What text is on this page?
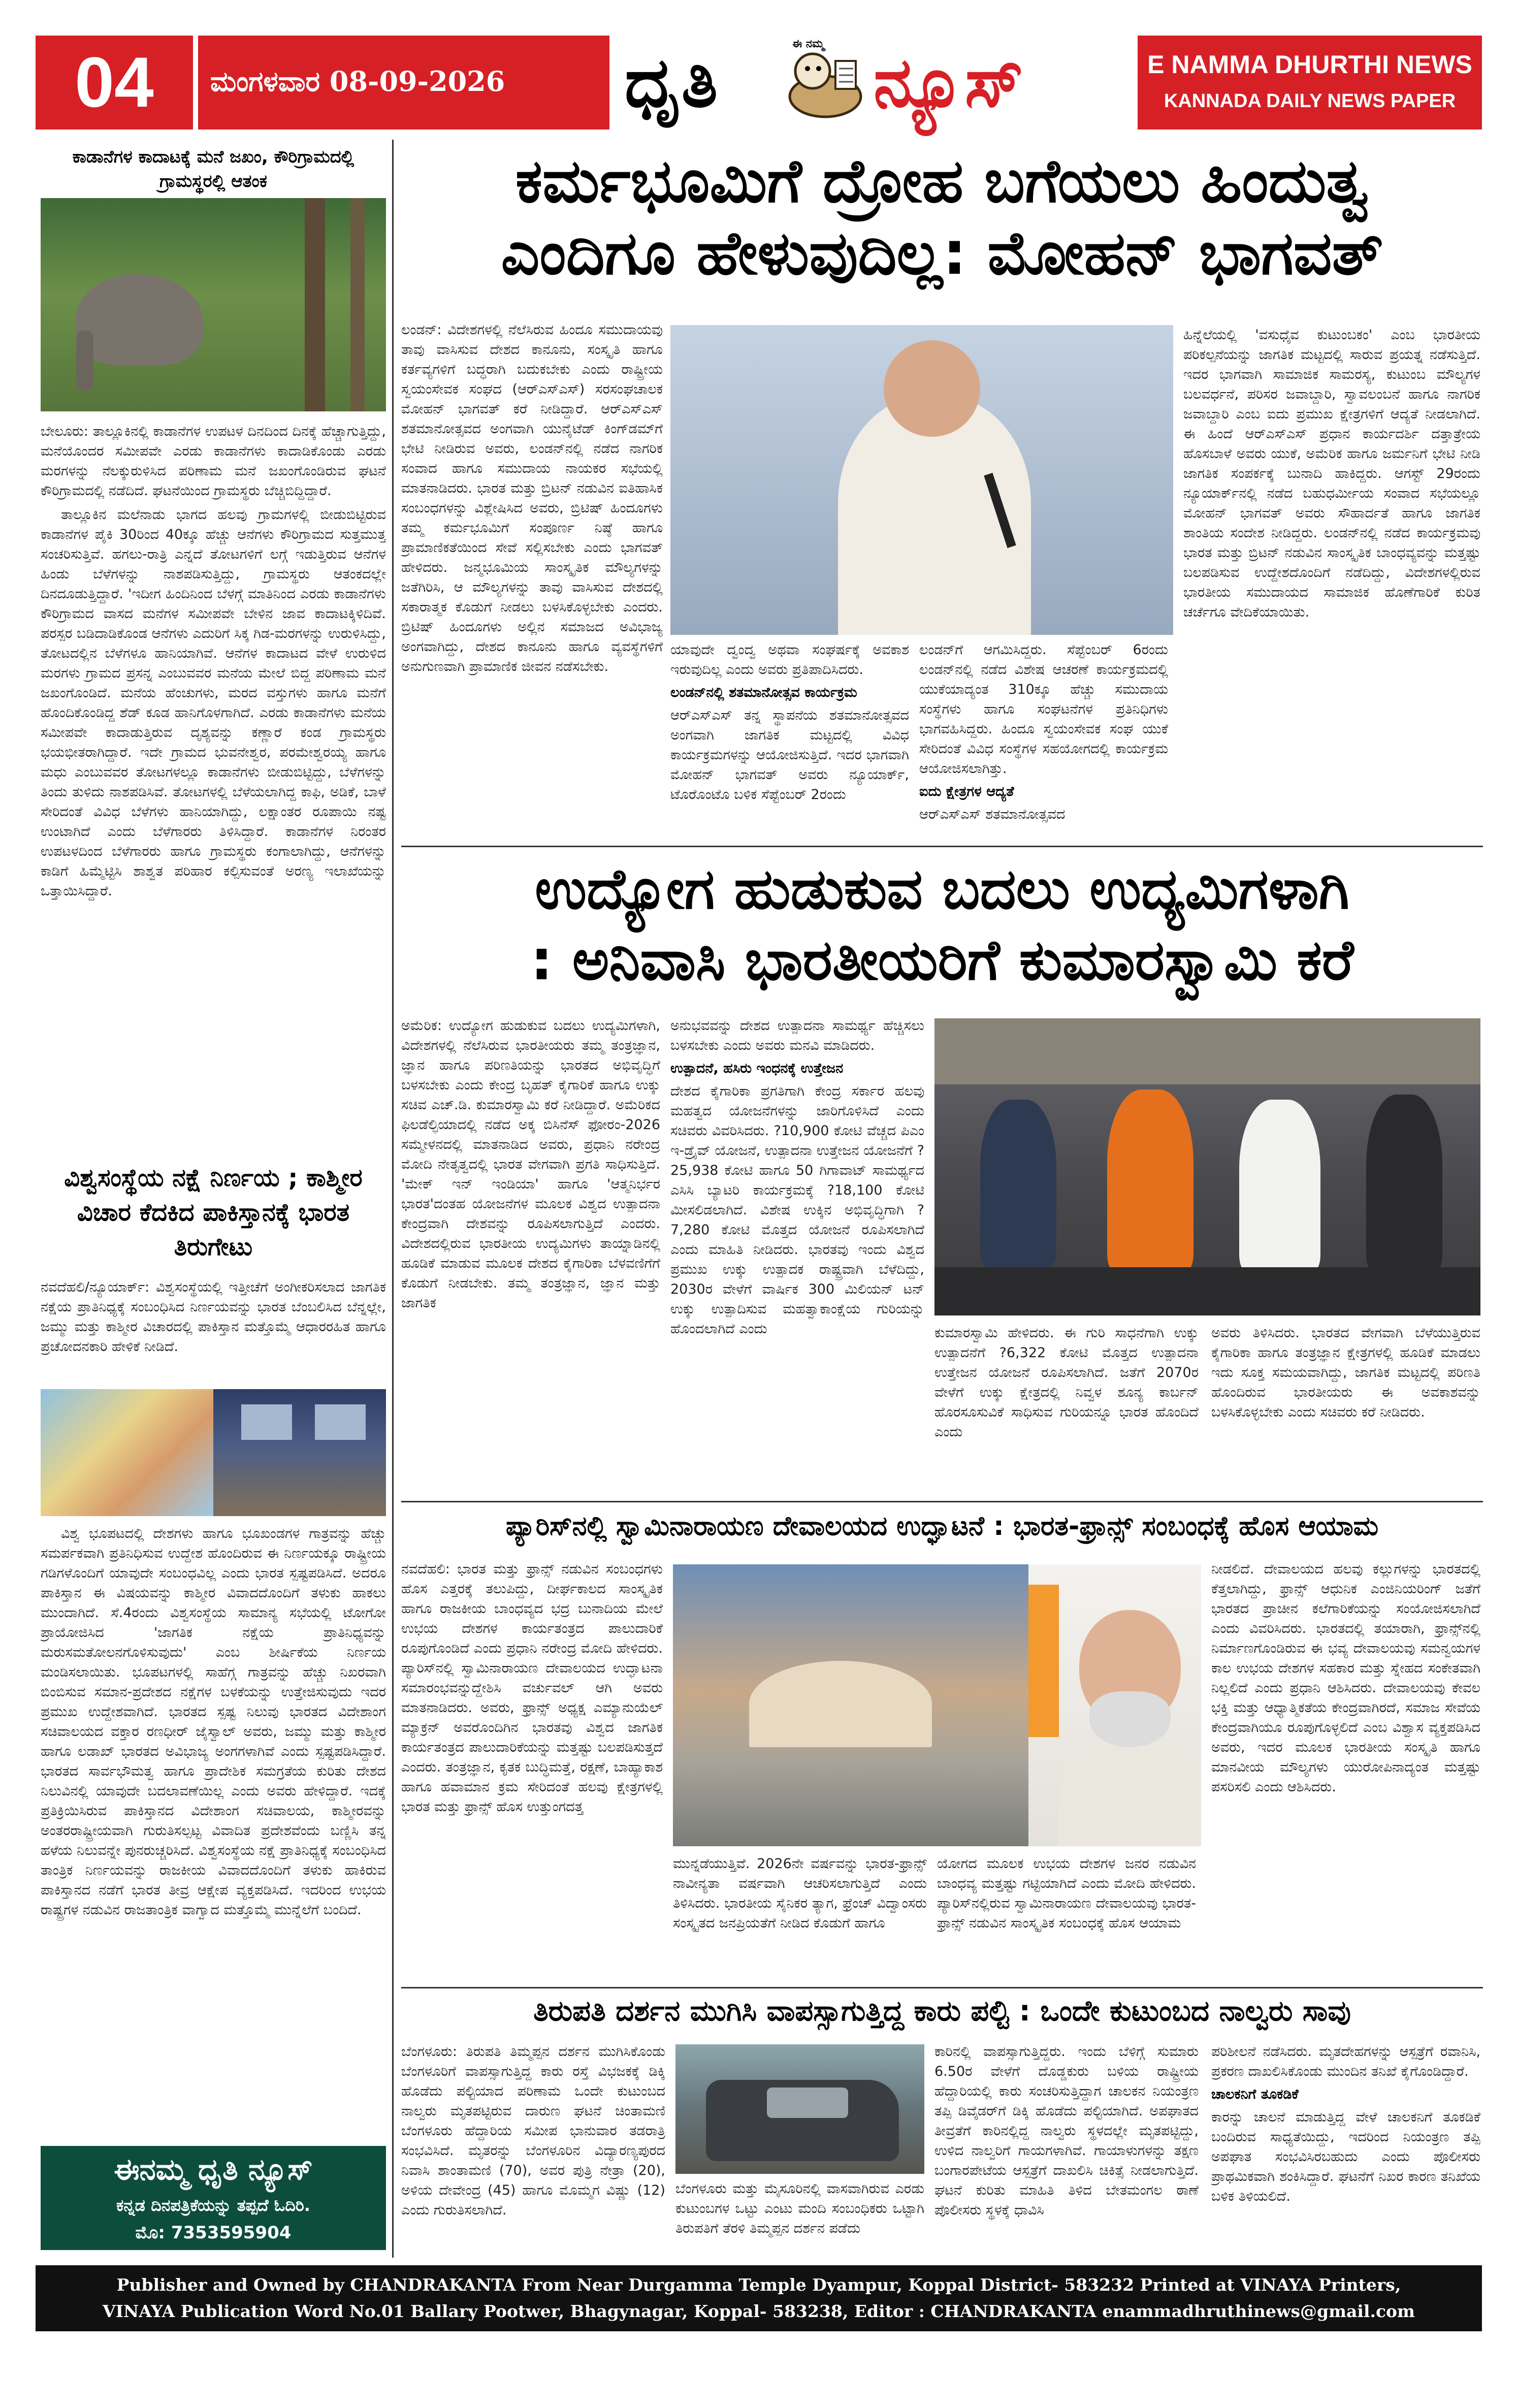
04	ಮಂಗಳವಾರ 08-09-2026	ಧೃತಿ	ಈ ನಮ್ಮ ನ್ಯೂಸ್	E NAMMA DHURTHI NEWS
KANNADA DAILY NEWS PAPER
ಕಾಡಾನೆಗಳ ಕಾದಾಟಕ್ಕೆ ಮನೆ ಜಖಂ, ಕೌರಿಗ್ರಾಮದಲ್ಲಿ ಗ್ರಾಮಸ್ಥರಲ್ಲಿ ಆತಂಕ

ಬೇಲೂರು: ತಾಲ್ಲೂಕಿನಲ್ಲಿ ಕಾಡಾನೆಗಳ ಉಪಟಳ ದಿನದಿಂದ ದಿನಕ್ಕೆ ಹೆಚ್ಚಾಗುತ್ತಿದ್ದು, ಮನೆಯೊಂದರ ಸಮೀಪವೇ ಎರಡು ಕಾಡಾನೆಗಳು ಕಾದಾಡಿಕೊಂಡು ಎರಡು ಮರಗಳನ್ನು ನೆಲಕ್ಕುರುಳಿಸಿದ ಪರಿಣಾಮ ಮನೆ ಜಖಂಗೊಂಡಿರುವ ಘಟನೆ ಕೌರಿಗ್ರಾಮದಲ್ಲಿ ನಡೆದಿದೆ. ಘಟನೆಯಿಂದ ಗ್ರಾಮಸ್ಥರು ಬೆಚ್ಚಿಬಿದ್ದಿದ್ದಾರೆ.

ತಾಲ್ಲೂಕಿನ ಮಲೆನಾಡು ಭಾಗದ ಹಲವು ಗ್ರಾಮಗಳಲ್ಲಿ ಬೀಡುಬಿಟ್ಟಿರುವ ಕಾಡಾನೆಗಳ ಪೈಕಿ 30ರಿಂದ 40ಕ್ಕೂ ಹೆಚ್ಚು ಆನೆಗಳು ಕೌರಿಗ್ರಾಮದ ಸುತ್ತಮುತ್ತ ಸಂಚರಿಸುತ್ತಿವೆ. ಹಗಲು-ರಾತ್ರಿ ಎನ್ನದೆ ತೋಟಗಳಿಗೆ ಲಗ್ಗೆ ಇಡುತ್ತಿರುವ ಆನೆಗಳ ಹಿಂಡು ಬೆಳೆಗಳನ್ನು ನಾಶಪಡಿಸುತ್ತಿದ್ದು, ಗ್ರಾಮಸ್ಥರು ಆತಂಕದಲ್ಲೇ ದಿನದೂಡುತ್ತಿದ್ದಾರೆ. 'ಇದೀಗ ಹಿಂದಿನಿಂದ ಬೆಳಗ್ಗೆ ಮಾತಿನಿಂದ ಎರಡು ಕಾಡಾನೆಗಳು ಕೌರಿಗ್ರಾಮದ ವಾಸದ ಮನೆಗಳ ಸಮೀಪವೇ ಬೇಳಿನ ಜಾವ ಕಾದಾಟಕ್ಕಿಳಿದಿವೆ. ಪರಸ್ಪರ ಬಡಿದಾಡಿಕೊಂಡ ಆನೆಗಳು ಎದುರಿಗೆ ಸಿಕ್ಕ ಗಿಡ-ಮರಗಳನ್ನು ಉರುಳಿಸಿದ್ದು, ತೋಟದಲ್ಲಿನ ಬೆಳೆಗಳೂ ಹಾನಿಯಾಗಿವೆ. ಆನೆಗಳ ಕಾದಾಟದ ವೇಳೆ ಉರುಳಿದ ಮರಗಳು ಗ್ರಾಮದ ಪ್ರಸನ್ನ ಎಂಬುವವರ ಮನೆಯ ಮೇಲೆ ಬಿದ್ದ ಪರಿಣಾಮ ಮನೆ ಜಖಂಗೊಂಡಿದೆ. ಮನೆಯ ಹೆಂಚುಗಳು, ಮರದ ವಸ್ತುಗಳು ಹಾಗೂ ಮನೆಗೆ ಹೊಂದಿಕೊಂಡಿದ್ದ ಶೆಡ್ ಕೂಡ ಹಾನಿಗೊಳಗಾಗಿದೆ. ಎರಡು ಕಾಡಾನೆಗಳು ಮನೆಯ ಸಮೀಪವೇ ಕಾದಾಡುತ್ತಿರುವ ದೃಶ್ಯವನ್ನು ಕಣ್ಣಾರೆ ಕಂಡ ಗ್ರಾಮಸ್ಥರು ಭಯಭೀತರಾಗಿದ್ದಾರೆ. ಇದೇ ಗ್ರಾಮದ ಭುವನೇಶ್ವರ, ಪರಮೇಶ್ವರಯ್ಯ ಹಾಗೂ ಮಧು ಎಂಬುವವರ ತೋಟಗಳಲ್ಲೂ ಕಾಡಾನೆಗಳು ಬೀಡುಬಿಟ್ಟಿದ್ದು, ಬೆಳೆಗಳನ್ನು ತಿಂದು ತುಳಿದು ನಾಶಪಡಿಸಿವೆ. ತೋಟಗಳಲ್ಲಿ ಬೆಳೆಯಲಾಗಿದ್ದ ಕಾಫಿ, ಅಡಿಕೆ, ಬಾಳೆ ಸೇರಿದಂತೆ ವಿವಿಧ ಬೆಳೆಗಳು ಹಾನಿಯಾಗಿದ್ದು, ಲಕ್ಷಾಂತರ ರೂಪಾಯಿ ನಷ್ಟ ಉಂಟಾಗಿದೆ ಎಂದು ಬೆಳೆಗಾರರು ತಿಳಿಸಿದ್ದಾರೆ. ಕಾಡಾನೆಗಳ ನಿರಂತರ ಉಪಟಳದಿಂದ ಬೆಳೆಗಾರರು ಹಾಗೂ ಗ್ರಾಮಸ್ಥರು ಕಂಗಾಲಾಗಿದ್ದು, ಆನೆಗಳನ್ನು ಕಾಡಿಗೆ ಹಿಮ್ಮೆಟ್ಟಿಸಿ ಶಾಶ್ವತ ಪರಿಹಾರ ಕಲ್ಪಿಸುವಂತೆ ಅರಣ್ಯ ಇಲಾಖೆಯನ್ನು ಒತ್ತಾಯಿಸಿದ್ದಾರೆ.

ವಿಶ್ವಸಂಸ್ಥೆಯ ನಕ್ಷೆ ನಿರ್ಣಯ ; ಕಾಶ್ಮೀರ ವಿಚಾರ ಕೆದಕಿದ ಪಾಕಿಸ್ತಾನಕ್ಕೆ ಭಾರತ ತಿರುಗೇಟು
ನವದೆಹಲಿ/ನ್ಯೂಯಾರ್ಕ್: ವಿಶ್ವಸಂಸ್ಥೆಯಲ್ಲಿ ಇತ್ತೀಚೆಗೆ ಅಂಗೀಕರಿಸಲಾದ ಜಾಗತಿಕ ನಕ್ಷೆಯ ಪ್ರಾತಿನಿಧ್ಯಕ್ಕೆ ಸಂಬಂಧಿಸಿದ ನಿರ್ಣಯವನ್ನು ಭಾರತ ಬೆಂಬಲಿಸಿದ ಬೆನ್ನಲ್ಲೇ, ಜಮ್ಮು ಮತ್ತು ಕಾಶ್ಮೀರ ವಿಚಾರದಲ್ಲಿ ಪಾಕಿಸ್ತಾನ ಮತ್ತೊಮ್ಮೆ ಆಧಾರರಹಿತ ಹಾಗೂ ಪ್ರಚೋದನಕಾರಿ ಹೇಳಿಕೆ ನೀಡಿದೆ.
ವಿಶ್ವ ಭೂಪಟದಲ್ಲಿ ದೇಶಗಳು ಹಾಗೂ ಭೂಖಂಡಗಳ ಗಾತ್ರವನ್ನು ಹೆಚ್ಚು ಸಮರ್ಪಕವಾಗಿ ಪ್ರತಿನಿಧಿಸುವ ಉದ್ದೇಶ ಹೊಂದಿರುವ ಈ ನಿರ್ಣಯಕ್ಕೂ ರಾಷ್ಟ್ರೀಯ ಗಡಿಗಳೊಂದಿಗೆ ಯಾವುದೇ ಸಂಬಂಧವಿಲ್ಲ ಎಂದು ಭಾರತ ಸ್ಪಷ್ಟಪಡಿಸಿದೆ. ಅದರೂ ಪಾಕಿಸ್ತಾನ ಈ ವಿಷಯವನ್ನು ಕಾಶ್ಮೀರ ವಿವಾದದೊಂದಿಗೆ ತಳುಕು ಹಾಕಲು ಮುಂದಾಗಿದೆ. ಸೆ.4ರಂದು ವಿಶ್ವಸಂಸ್ಥೆಯ ಸಾಮಾನ್ಯ ಸಭೆಯಲ್ಲಿ ಟೋಗೋ ಪ್ರಾಯೋಜಿಸಿದ 'ಜಾಗತಿಕ ನಕ್ಷೆಯ ಪ್ರಾತಿನಿಧ್ಯವನ್ನು ಮರುಸಮತೋಲನಗೊಳಿಸುವುದು' ಎಂಬ ಶೀರ್ಷಿಕೆಯ ನಿರ್ಣಯ ಮಂಡಿಸಲಾಯಿತು. ಭೂಪಟಗಳಲ್ಲಿ ಸಾಹೆಗ್ಗ ಗಾತ್ರವನ್ನು ಹೆಚ್ಚು ನಿಖರವಾಗಿ ಬಿಂಬಿಸುವ ಸಮಾನ-ಪ್ರದೇಶದ ನಕ್ಷೆಗಳ ಬಳಕೆಯನ್ನು ಉತ್ತೇಜಿಸುವುದು ಇದರ ಪ್ರಮುಖ ಉದ್ದೇಶವಾಗಿದೆ. ಭಾರತದ ಸ್ಪಷ್ಟ ನಿಲುವು ಭಾರತದ ವಿದೇಶಾಂಗ ಸಚಿವಾಲಯದ ವಕ್ತಾರ ರಣಧೀರ್ ಜೈಸ್ವಾಲ್ ಅವರು, ಜಮ್ಮು ಮತ್ತು ಕಾಶ್ಮೀರ ಹಾಗೂ ಲಡಾಖ್ ಭಾರತದ ಅವಿಭಾಜ್ಯ ಅಂಗಗಳಾಗಿವೆ ಎಂದು ಸ್ಪಷ್ಟಪಡಿಸಿದ್ದಾರೆ. ಭಾರತದ ಸಾರ್ವಭೌಮತ್ವ ಹಾಗೂ ಪ್ರಾದೇಶಿಕ ಸಮಗ್ರತೆಯ ಕುರಿತು ದೇಶದ ನಿಲುವಿನಲ್ಲಿ ಯಾವುದೇ ಬದಲಾವಣೆಯಿಲ್ಲ ಎಂದು ಅವರು ಹೇಳಿದ್ದಾರೆ. ಇದಕ್ಕೆ ಪ್ರತಿಕ್ರಿಯಿಸಿರುವ ಪಾಕಿಸ್ತಾನದ ವಿದೇಶಾಂಗ ಸಚಿವಾಲಯ, ಕಾಶ್ಮೀರವನ್ನು ಅಂತರರಾಷ್ಟ್ರೀಯವಾಗಿ ಗುರುತಿಸಲ್ಪಟ್ಟ ವಿವಾದಿತ ಪ್ರದೇಶವೆಂದು ಬಣ್ಣಿಸಿ ತನ್ನ ಹಳೆಯ ನಿಲುವನ್ನೇ ಪುನರುಚ್ಚರಿಸಿದೆ. ವಿಶ್ವಸಂಸ್ಥೆಯ ನಕ್ಷೆ ಪ್ರಾತಿನಿಧ್ಯಕ್ಕೆ ಸಂಬಂಧಿಸಿದ ತಾಂತ್ರಿಕ ನಿರ್ಣಯವನ್ನು ರಾಜಕೀಯ ವಿವಾದದೊಂದಿಗೆ ತಳುಕು ಹಾಕಿರುವ ಪಾಕಿಸ್ತಾನದ ನಡೆಗೆ ಭಾರತ ತೀವ್ರ ಆಕ್ಷೇಪ ವ್ಯಕ್ತಪಡಿಸಿದೆ. ಇದರಿಂದ ಉಭಯ ರಾಷ್ಟ್ರಗಳ ನಡುವಿನ ರಾಜತಾಂತ್ರಿಕ ವಾಗ್ವಾದ ಮತ್ತೊಮ್ಮೆ ಮುನ್ನೆಲೆಗೆ ಬಂದಿದೆ.
ಈನಮ್ಮ ಧೃತಿ ನ್ಯೂಸ್
ಕನ್ನಡ ದಿನಪತ್ರಿಕೆಯನ್ನು ತಪ್ಪದೆ ಓದಿರಿ.
ಮೊ: 7353595904
ಕರ್ಮಭೂಮಿಗೆ ದ್ರೋಹ ಬಗೆಯಲು ಹಿಂದುತ್ವ
ಎಂದಿಗೂ ಹೇಳುವುದಿಲ್ಲ: ಮೋಹನ್ ಭಾಗವತ್
ಲಂಡನ್: ವಿದೇಶಗಳಲ್ಲಿ ನೆಲೆಸಿರುವ ಹಿಂದೂ ಸಮುದಾಯವು ತಾವು ವಾಸಿಸುವ ದೇಶದ ಕಾನೂನು, ಸಂಸ್ಕೃತಿ ಹಾಗೂ ಕರ್ತವ್ಯಗಳಿಗೆ ಬದ್ಧರಾಗಿ ಬದುಕಬೇಕು ಎಂದು ರಾಷ್ಟ್ರೀಯ ಸ್ವಯಂಸೇವಕ ಸಂಘದ (ಆರ್‌ಎಸ್‌ಎಸ್) ಸರಸಂಘಚಾಲಕ ಮೋಹನ್ ಭಾಗವತ್ ಕರೆ ನೀಡಿದ್ದಾರೆ. ಆರ್‌ಎಸ್‌ಎಸ್ ಶತಮಾನೋತ್ಸವದ ಅಂಗವಾಗಿ ಯುನೈಟೆಡ್ ಕಿಂಗ್‌ಡಮ್‌ಗೆ ಭೇಟಿ ನೀಡಿರುವ ಅವರು, ಲಂಡನ್‌ನಲ್ಲಿ ನಡೆದ ನಾಗರಿಕ ಸಂವಾದ ಹಾಗೂ ಸಮುದಾಯ ನಾಯಕರ ಸಭೆಯಲ್ಲಿ ಮಾತನಾಡಿದರು. ಭಾರತ ಮತ್ತು ಬ್ರಿಟನ್ ನಡುವಿನ ಐತಿಹಾಸಿಕ ಸಂಬಂಧಗಳನ್ನು ವಿಶ್ಲೇಷಿಸಿದ ಅವರು, ಬ್ರಿಟಿಷ್ ಹಿಂದೂಗಳು ತಮ್ಮ ಕರ್ಮಭೂಮಿಗೆ ಸಂಪೂರ್ಣ ನಿಷ್ಠೆ ಹಾಗೂ ಪ್ರಾಮಾಣಿಕತೆಯಿಂದ ಸೇವೆ ಸಲ್ಲಿಸಬೇಕು ಎಂದು ಭಾಗವತ್ ಹೇಳಿದರು. ಜನ್ಮಭೂಮಿಯ ಸಾಂಸ್ಕೃತಿಕ ಮೌಲ್ಯಗಳನ್ನು ಜತೆಗಿರಿಸಿ, ಆ ಮೌಲ್ಯಗಳನ್ನು ತಾವು ವಾಸಿಸುವ ದೇಶದಲ್ಲಿ ಸಕಾರಾತ್ಮಕ ಕೊಡುಗೆ ನೀಡಲು ಬಳಸಿಕೊಳ್ಳಬೇಕು ಎಂದರು. ಬ್ರಿಟಿಷ್ ಹಿಂದೂಗಳು ಅಲ್ಲಿನ ಸಮಾಜದ ಅವಿಭಾಜ್ಯ ಅಂಗವಾಗಿದ್ದು, ದೇಶದ ಕಾನೂನು ಹಾಗೂ ವ್ಯವಸ್ಥೆಗಳಿಗೆ ಅನುಗುಣವಾಗಿ ಪ್ರಾಮಾಣಿಕ ಜೀವನ ನಡೆಸಬೇಕು.
ಯಾವುದೇ ದ್ವಂದ್ವ ಅಥವಾ ಸಂಘರ್ಷಕ್ಕೆ ಅವಕಾಶ ಇರುವುದಿಲ್ಲ ಎಂದು ಅವರು ಪ್ರತಿಪಾದಿಸಿದರು.
ಲಂಡನ್‌ನಲ್ಲಿ ಶತಮಾನೋತ್ಸವ ಕಾರ್ಯಕ್ರಮ
ಆರ್‌ಎಸ್‌ಎಸ್ ತನ್ನ ಸ್ಥಾಪನೆಯ ಶತಮಾನೋತ್ಸವದ ಅಂಗವಾಗಿ ಜಾಗತಿಕ ಮಟ್ಟದಲ್ಲಿ ವಿವಿಧ ಕಾರ್ಯಕ್ರಮಗಳನ್ನು ಆಯೋಜಿಸುತ್ತಿದೆ. ಇದರ ಭಾಗವಾಗಿ ಮೋಹನ್ ಭಾಗವತ್ ಅವರು ನ್ಯೂಯಾರ್ಕ್, ಟೊರೊಂಟೊ ಬಳಿಕ ಸೆಪ್ಟೆಂಬರ್ 2ರಂದು
ಲಂಡನ್‌ಗೆ ಆಗಮಿಸಿದ್ದರು. ಸೆಪ್ಟೆಂಬರ್ 6ರಂದು ಲಂಡನ್‌ನಲ್ಲಿ ನಡೆದ ವಿಶೇಷ ಆಚರಣೆ ಕಾರ್ಯಕ್ರಮದಲ್ಲಿ ಯುಕೆಯಾದ್ಯಂತ 310ಕ್ಕೂ ಹೆಚ್ಚು ಸಮುದಾಯ ಸಂಸ್ಥೆಗಳು ಹಾಗೂ ಸಂಘಟನೆಗಳ ಪ್ರತಿನಿಧಿಗಳು ಭಾಗವಹಿಸಿದ್ದರು. ಹಿಂದೂ ಸ್ವಯಂಸೇವಕ ಸಂಘ ಯುಕೆ ಸೇರಿದಂತೆ ವಿವಿಧ ಸಂಸ್ಥೆಗಳ ಸಹಯೋಗದಲ್ಲಿ ಕಾರ್ಯಕ್ರಮ ಆಯೋಜಿಸಲಾಗಿತ್ತು.
ಐದು ಕ್ಷೇತ್ರಗಳ ಆದ್ಯತೆ
ಆರ್‌ಎಸ್‌ಎಸ್ ಶತಮಾನೋತ್ಸವದ
ಹಿನ್ನೆಲೆಯಲ್ಲಿ 'ವಸುಧೈವ ಕುಟುಂಬಕಂ' ಎಂಬ ಭಾರತೀಯ ಪರಿಕಲ್ಪನೆಯನ್ನು ಜಾಗತಿಕ ಮಟ್ಟದಲ್ಲಿ ಸಾರುವ ಪ್ರಯತ್ನ ನಡೆಸುತ್ತಿದೆ. ಇದರ ಭಾಗವಾಗಿ ಸಾಮಾಜಿಕ ಸಾಮರಸ್ಯ, ಕುಟುಂಬ ಮೌಲ್ಯಗಳ ಬಲವರ್ಧನೆ, ಪರಿಸರ ಜವಾಬ್ದಾರಿ, ಸ್ವಾವಲಂಬನೆ ಹಾಗೂ ನಾಗರಿಕ ಜವಾಬ್ದಾರಿ ಎಂಬ ಐದು ಪ್ರಮುಖ ಕ್ಷೇತ್ರಗಳಿಗೆ ಆದ್ಯತೆ ನೀಡಲಾಗಿದೆ. ಈ ಹಿಂದೆ ಆರ್‌ಎಸ್‌ಎಸ್ ಪ್ರಧಾನ ಕಾರ್ಯದರ್ಶಿ ದತ್ತಾತ್ರೇಯ ಹೊಸಬಾಳೆ ಅವರು ಯುಕೆ, ಅಮೆರಿಕ ಹಾಗೂ ಜರ್ಮನಿಗೆ ಭೇಟಿ ನೀಡಿ ಜಾಗತಿಕ ಸಂಪರ್ಕಕ್ಕೆ ಬುನಾದಿ ಹಾಕಿದ್ದರು. ಆಗಸ್ಟ್ 29ರಂದು ನ್ಯೂಯಾರ್ಕ್‌ನಲ್ಲಿ ನಡೆದ ಬಹುಧರ್ಮೀಯ ಸಂವಾದ ಸಭೆಯಲ್ಲೂ ಮೋಹನ್ ಭಾಗವತ್ ಅವರು ಸೌಹಾರ್ದತೆ ಹಾಗೂ ಜಾಗತಿಕ ಶಾಂತಿಯ ಸಂದೇಶ ನೀಡಿದ್ದರು. ಲಂಡನ್‌ನಲ್ಲಿ ನಡೆದ ಕಾರ್ಯಕ್ರಮವು ಭಾರತ ಮತ್ತು ಬ್ರಿಟನ್ ನಡುವಿನ ಸಾಂಸ್ಕೃತಿಕ ಬಾಂಧವ್ಯವನ್ನು ಮತ್ತಷ್ಟು ಬಲಪಡಿಸುವ ಉದ್ದೇಶದೊಂದಿಗೆ ನಡೆದಿದ್ದು, ವಿದೇಶಗಳಲ್ಲಿರುವ ಭಾರತೀಯ ಸಮುದಾಯದ ಸಾಮಾಜಿಕ ಹೊಣೆಗಾರಿಕೆ ಕುರಿತ ಚರ್ಚೆಗೂ ವೇದಿಕೆಯಾಯಿತು.
ಉದ್ಯೋಗ ಹುಡುಕುವ ಬದಲು ಉದ್ಯಮಿಗಳಾಗಿ
: ಅನಿವಾಸಿ ಭಾರತೀಯರಿಗೆ ಕುಮಾರಸ್ವಾಮಿ ಕರೆ
ಅಮೆರಿಕ: ಉದ್ಯೋಗ ಹುಡುಕುವ ಬದಲು ಉದ್ಯಮಿಗಳಾಗಿ, ವಿದೇಶಗಳಲ್ಲಿ ನೆಲೆಸಿರುವ ಭಾರತೀಯರು ತಮ್ಮ ತಂತ್ರಜ್ಞಾನ, ಜ್ಞಾನ ಹಾಗೂ ಪರಿಣತಿಯನ್ನು ಭಾರತದ ಅಭಿವೃದ್ಧಿಗೆ ಬಳಸಬೇಕು ಎಂದು ಕೇಂದ್ರ ಬೃಹತ್ ಕೈಗಾರಿಕೆ ಹಾಗೂ ಉಕ್ಕು ಸಚಿವ ಎಚ್.ಡಿ. ಕುಮಾರಸ್ವಾಮಿ ಕರೆ ನೀಡಿದ್ದಾರೆ. ಅಮೆರಿಕದ ಫಿಲಡೆಲ್ಫಿಯಾದಲ್ಲಿ ನಡೆದ ಅಕ್ಕ ಬಿಸಿನೆಸ್ ಫೋರಂ-2026 ಸಮ್ಮೇಳನದಲ್ಲಿ ಮಾತನಾಡಿದ ಅವರು, ಪ್ರಧಾನಿ ನರೇಂದ್ರ ಮೋದಿ ನೇತೃತ್ವದಲ್ಲಿ ಭಾರತ ವೇಗವಾಗಿ ಪ್ರಗತಿ ಸಾಧಿಸುತ್ತಿದೆ. 'ಮೇಕ್ ಇನ್ ಇಂಡಿಯಾ' ಹಾಗೂ 'ಆತ್ಮನಿರ್ಭರ ಭಾರತ'ದಂತಹ ಯೋಜನೆಗಳ ಮೂಲಕ ವಿಶ್ವದ ಉತ್ಪಾದನಾ ಕೇಂದ್ರವಾಗಿ ದೇಶವನ್ನು ರೂಪಿಸಲಾಗುತ್ತಿದೆ ಎಂದರು. ವಿದೇಶದಲ್ಲಿರುವ ಭಾರತೀಯ ಉದ್ಯಮಿಗಳು ತಾಯ್ನಾಡಿನಲ್ಲಿ ಹೂಡಿಕೆ ಮಾಡುವ ಮೂಲಕ ದೇಶದ ಕೈಗಾರಿಕಾ ಬೆಳವಣಿಗೆಗೆ ಕೊಡುಗೆ ನೀಡಬೇಕು. ತಮ್ಮ ತಂತ್ರಜ್ಞಾನ, ಜ್ಞಾನ ಮತ್ತು ಜಾಗತಿಕ
ಅನುಭವವನ್ನು ದೇಶದ ಉತ್ಪಾದನಾ ಸಾಮರ್ಥ್ಯ ಹೆಚ್ಚಿಸಲು ಬಳಸಬೇಕು ಎಂದು ಅವರು ಮನವಿ ಮಾಡಿದರು.
ಉತ್ಪಾದನೆ, ಹಸಿರು ಇಂಧನಕ್ಕೆ ಉತ್ತೇಜನ
ದೇಶದ ಕೈಗಾರಿಕಾ ಪ್ರಗತಿಗಾಗಿ ಕೇಂದ್ರ ಸರ್ಕಾರ ಹಲವು ಮಹತ್ವದ ಯೋಜನೆಗಳನ್ನು ಜಾರಿಗೊಳಿಸಿದೆ ಎಂದು ಸಚಿವರು ವಿವರಿಸಿದರು. ?10,900 ಕೋಟಿ ವೆಚ್ಚದ ಪಿಎಂ ಇ-ಡ್ರೈವ್ ಯೋಜನೆ, ಉತ್ಪಾದನಾ ಉತ್ತೇಜನ ಯೋಜನೆಗೆ ?25,938 ಕೋಟಿ ಹಾಗೂ 50 ಗಿಗಾವಾಟ್ ಸಾಮರ್ಥ್ಯದ ಎಸಿಸಿ ಬ್ಯಾಟರಿ ಕಾರ್ಯಕ್ರಮಕ್ಕೆ ?18,100 ಕೋಟಿ ಮೀಸಲಿಡಲಾಗಿದೆ. ವಿಶೇಷ ಉಕ್ಕಿನ ಅಭಿವೃದ್ಧಿಗಾಗಿ ?7,280 ಕೋಟಿ ಮೊತ್ತದ ಯೋಜನೆ ರೂಪಿಸಲಾಗಿದೆ ಎಂದು ಮಾಹಿತಿ ನೀಡಿದರು. ಭಾರತವು ಇಂದು ವಿಶ್ವದ ಪ್ರಮುಖ ಉಕ್ಕು ಉತ್ಪಾದಕ ರಾಷ್ಟ್ರವಾಗಿ ಬೆಳೆದಿದ್ದು, 2030ರ ವೇಳೆಗೆ ವಾರ್ಷಿಕ 300 ಮಿಲಿಯನ್ ಟನ್ ಉಕ್ಕು ಉತ್ಪಾದಿಸುವ ಮಹತ್ವಾಕಾಂಕ್ಷೆಯ ಗುರಿಯನ್ನು ಹೊಂದಲಾಗಿದೆ ಎಂದು	ಕುಮಾರಸ್ವಾಮಿ ಹೇಳಿದರು. ಈ ಗುರಿ ಸಾಧನೆಗಾಗಿ ಉಕ್ಕು ಉತ್ಪಾದನೆಗೆ ?6,322 ಕೋಟಿ ಮೊತ್ತದ ಉತ್ಪಾದನಾ ಉತ್ತೇಜನ ಯೋಜನೆ ರೂಪಿಸಲಾಗಿದೆ. ಜತೆಗೆ 2070ರ ವೇಳೆಗೆ ಉಕ್ಕು ಕ್ಷೇತ್ರದಲ್ಲಿ ನಿವ್ವಳ ಶೂನ್ಯ ಕಾರ್ಬನ್ ಹೊರಸೂಸುವಿಕೆ ಸಾಧಿಸುವ ಗುರಿಯನ್ನೂ ಭಾರತ ಹೊಂದಿದೆ ಎಂದು
ಅವರು ತಿಳಿಸಿದರು. ಭಾರತದ ವೇಗವಾಗಿ ಬೆಳೆಯುತ್ತಿರುವ ಕೈಗಾರಿಕಾ ಹಾಗೂ ತಂತ್ರಜ್ಞಾನ ಕ್ಷೇತ್ರಗಳಲ್ಲಿ ಹೂಡಿಕೆ ಮಾಡಲು ಇದು ಸೂಕ್ತ ಸಮಯವಾಗಿದ್ದು, ಜಾಗತಿಕ ಮಟ್ಟದಲ್ಲಿ ಪರಿಣತಿ ಹೊಂದಿರುವ ಭಾರತೀಯರು ಈ ಅವಕಾಶವನ್ನು ಬಳಸಿಕೊಳ್ಳಬೇಕು ಎಂದು ಸಚಿವರು ಕರೆ ನೀಡಿದರು.
ಪ್ಯಾರಿಸ್‌ನಲ್ಲಿ ಸ್ವಾಮಿನಾರಾಯಣ ದೇವಾಲಯದ ಉದ್ಘಾಟನೆ : ಭಾರತ-ಫ್ರಾನ್ಸ್ ಸಂಬಂಧಕ್ಕೆ ಹೊಸ ಆಯಾಮ
ನವದೆಹಲಿ: ಭಾರತ ಮತ್ತು ಫ್ರಾನ್ಸ್ ನಡುವಿನ ಸಂಬಂಧಗಳು ಹೊಸ ಎತ್ತರಕ್ಕೆ ತಲುಪಿದ್ದು, ದೀರ್ಘಕಾಲದ ಸಾಂಸ್ಕೃತಿಕ ಹಾಗೂ ರಾಜಕೀಯ ಬಾಂಧವ್ಯದ ಭದ್ರ ಬುನಾದಿಯ ಮೇಲೆ ಉಭಯ ದೇಶಗಳ ಕಾರ್ಯತಂತ್ರದ ಪಾಲುದಾರಿಕೆ ರೂಪುಗೊಂಡಿದೆ ಎಂದು ಪ್ರಧಾನಿ ನರೇಂದ್ರ ಮೋದಿ ಹೇಳಿದರು. ಪ್ಯಾರಿಸ್‌ನಲ್ಲಿ ಸ್ವಾಮಿನಾರಾಯಣ ದೇವಾಲಯದ ಉದ್ಘಾಟನಾ ಸಮಾರಂಭವನ್ನುದ್ದೇಶಿಸಿ ವರ್ಚುವಲ್ ಆಗಿ ಅವರು ಮಾತನಾಡಿದರು. ಅವರು, ಫ್ರಾನ್ಸ್ ಅಧ್ಯಕ್ಷ ಎಮ್ಯಾನುಯೆಲ್ ಮ್ಯಾಕ್ರನ್ ಅವರೊಂದಿಗಿನ ಭಾರತವು ವಿಶ್ವದ ಜಾಗತಿಕ ಕಾರ್ಯತಂತ್ರದ ಪಾಲುದಾರಿಕೆಯನ್ನು ಮತ್ತಷ್ಟು ಬಲಪಡಿಸುತ್ತದೆ ಎಂದರು. ತಂತ್ರಜ್ಞಾನ, ಕೃತಕ ಬುದ್ಧಿಮತ್ತೆ, ರಕ್ಷಣೆ, ಬಾಹ್ಯಾಕಾಶ ಹಾಗೂ ಹವಾಮಾನ ಕ್ರಮ ಸೇರಿದಂತೆ ಹಲವು ಕ್ಷೇತ್ರಗಳಲ್ಲಿ ಭಾರತ ಮತ್ತು ಫ್ರಾನ್ಸ್ ಹೊಸ ಉತ್ತುಂಗದತ್ತ
ಮುನ್ನಡೆಯುತ್ತಿವೆ. 2026ನೇ ವರ್ಷವನ್ನು ಭಾರತ-ಫ್ರಾನ್ಸ್ ನಾವೀನ್ಯತಾ ವರ್ಷವಾಗಿ ಆಚರಿಸಲಾಗುತ್ತಿದೆ ಎಂದು ತಿಳಿಸಿದರು. ಭಾರತೀಯ ಸೈನಿಕರ ತ್ಯಾಗ, ಫ್ರೆಂಚ್ ವಿದ್ವಾಂಸರು ಸಂಸ್ಕೃತದ ಜನಪ್ರಿಯತೆಗೆ ನೀಡಿದ ಕೊಡುಗೆ ಹಾಗೂ
ಯೋಗದ ಮೂಲಕ ಉಭಯ ದೇಶಗಳ ಜನರ ನಡುವಿನ ಬಾಂಧವ್ಯ ಮತ್ತಷ್ಟು ಗಟ್ಟಿಯಾಗಿದೆ ಎಂದು ಮೋದಿ ಹೇಳಿದರು. ಪ್ಯಾರಿಸ್‌ನಲ್ಲಿರುವ ಸ್ವಾಮಿನಾರಾಯಣ ದೇವಾಲಯವು ಭಾರತ-ಫ್ರಾನ್ಸ್ ನಡುವಿನ ಸಾಂಸ್ಕೃತಿಕ ಸಂಬಂಧಕ್ಕೆ ಹೊಸ ಆಯಾಮ
ನೀಡಲಿದೆ. ದೇವಾಲಯದ ಹಲವು ಕಲ್ಲುಗಳನ್ನು ಭಾರತದಲ್ಲಿ ಕೆತ್ತಲಾಗಿದ್ದು, ಫ್ರಾನ್ಸ್ ಆಧುನಿಕ ಎಂಜಿನಿಯರಿಂಗ್ ಜತೆಗೆ ಭಾರತದ ಪ್ರಾಚೀನ ಕಲೆಗಾರಿಕೆಯನ್ನು ಸಂಯೋಜಿಸಲಾಗಿದೆ ಎಂದು ವಿವರಿಸಿದರು. ಭಾರತದಲ್ಲಿ ತಯಾರಾಗಿ, ಫ್ರಾನ್ಸ್‌ನಲ್ಲಿ ನಿರ್ಮಾಣಗೊಂಡಿರುವ ಈ ಭವ್ಯ ದೇವಾಲಯವು ಸಮನ್ವಯಗಳ ಕಾಲ ಉಭಯ ದೇಶಗಳ ಸಹಕಾರ ಮತ್ತು ಸ್ನೇಹದ ಸಂಕೇತವಾಗಿ ನಿಲ್ಲಲಿದೆ ಎಂದು ಪ್ರಧಾನಿ ಆಶಿಸಿದರು. ದೇವಾಲಯವು ಕೇವಲ ಭಕ್ತಿ ಮತ್ತು ಆಧ್ಯಾತ್ಮಿಕತೆಯ ಕೇಂದ್ರವಾಗಿರದೆ, ಸಮಾಜ ಸೇವೆಯ ಕೇಂದ್ರವಾಗಿಯೂ ರೂಪುಗೊಳ್ಳಲಿದೆ ಎಂಬ ವಿಶ್ವಾಸ ವ್ಯಕ್ತಪಡಿಸಿದ ಅವರು, ಇದರ ಮೂಲಕ ಭಾರತೀಯ ಸಂಸ್ಕೃತಿ ಹಾಗೂ ಮಾನವೀಯ ಮೌಲ್ಯಗಳು ಯುರೋಪಿನಾದ್ಯಂತ ಮತ್ತಷ್ಟು ಪಸರಿಸಲಿ ಎಂದು ಆಶಿಸಿದರು.
ತಿರುಪತಿ ದರ್ಶನ ಮುಗಿಸಿ ವಾಪಸ್ಸಾಗುತ್ತಿದ್ದ ಕಾರು ಪಲ್ಟಿ : ಒಂದೇ ಕುಟುಂಬದ ನಾಲ್ವರು ಸಾವು
ಬೆಂಗಳೂರು: ತಿರುಪತಿ ತಿಮ್ಮಪ್ಪನ ದರ್ಶನ ಮುಗಿಸಿಕೊಂಡು ಬೆಂಗಳೂರಿಗೆ ವಾಪಸ್ಸಾಗುತ್ತಿದ್ದ ಕಾರು ರಸ್ತೆ ವಿಭಜಕಕ್ಕೆ ಡಿಕ್ಕಿ ಹೊಡೆದು ಪಲ್ಟಿಯಾದ ಪರಿಣಾಮ ಒಂದೇ ಕುಟುಂಬದ ನಾಲ್ವರು ಮೃತಪಟ್ಟಿರುವ ದಾರುಣ ಘಟನೆ ಚಿಂತಾಮಣಿ ಬೆಂಗಳೂರು ಹೆದ್ದಾರಿಯ ಸಮೀಪ ಭಾನುವಾರ ತಡರಾತ್ರಿ ಸಂಭವಿಸಿದೆ. ಮೃತರನ್ನು ಬೆಂಗಳೂರಿನ ವಿದ್ಯಾರಣ್ಯಪುರದ ನಿವಾಸಿ ಶಾಂತಾಮಣಿ (70), ಅವರ ಪುತ್ರಿ ನೇತ್ರಾ (20), ಅಳಿಯ ದೇವೇಂದ್ರ (45) ಹಾಗೂ ಮೊಮ್ಮಗ ವಿಷ್ಣು (12) ಎಂದು ಗುರುತಿಸಲಾಗಿದೆ.
ಬೆಂಗಳೂರು ಮತ್ತು ಮೈಸೂರಿನಲ್ಲಿ ವಾಸವಾಗಿರುವ ಎರಡು ಕುಟುಂಬಗಳ ಒಟ್ಟು ಎಂಟು ಮಂದಿ ಸಂಬಂಧಿಕರು ಒಟ್ಟಾಗಿ ತಿರುಪತಿಗೆ ತೆರಳಿ ತಿಮ್ಮಪ್ಪನ ದರ್ಶನ ಪಡೆದು
ಕಾರಿನಲ್ಲಿ ವಾಪಸ್ಸಾಗುತ್ತಿದ್ದರು. ಇಂದು ಬೆಳಿಗ್ಗೆ ಸುಮಾರು 6.50ರ ವೇಳೆಗೆ ದೊಡ್ಡಕುರು ಬಳಿಯ ರಾಷ್ಟ್ರೀಯ ಹೆದ್ದಾರಿಯಲ್ಲಿ ಕಾರು ಸಂಚರಿಸುತ್ತಿದ್ದಾಗ ಚಾಲಕನ ನಿಯಂತ್ರಣ ತಪ್ಪಿ ಡಿವೈಡರ್‌ಗೆ ಡಿಕ್ಕಿ ಹೊಡೆದು ಪಲ್ಟಿಯಾಗಿದೆ. ಅಪಘಾತದ ತೀವ್ರತೆಗೆ ಕಾರಿನಲ್ಲಿದ್ದ ನಾಲ್ವರು ಸ್ಥಳದಲ್ಲೇ ಮೃತಪಟ್ಟಿದ್ದು, ಉಳಿದ ನಾಲ್ವರಿಗೆ ಗಾಯಗಳಾಗಿವೆ. ಗಾಯಾಳುಗಳನ್ನು ತಕ್ಷಣ ಬಂಗಾರಪೇಟೆಯ ಆಸ್ಪತ್ರೆಗೆ ದಾಖಲಿಸಿ ಚಿಕಿತ್ಸೆ ನೀಡಲಾಗುತ್ತಿದೆ. ಘಟನೆ ಕುರಿತು ಮಾಹಿತಿ ತಿಳಿದ ಬೇತಮಂಗಲ ಠಾಣೆ ಪೊಲೀಸರು ಸ್ಥಳಕ್ಕೆ ಧಾವಿಸಿ
ಪರಿಶೀಲನೆ ನಡೆಸಿದರು. ಮೃತದೇಹಗಳನ್ನು ಆಸ್ಪತ್ರೆಗೆ ರವಾನಿಸಿ, ಪ್ರಕರಣ ದಾಖಲಿಸಿಕೊಂಡು ಮುಂದಿನ ತನಿಖೆ ಕೈಗೊಂಡಿದ್ದಾರೆ.
ಚಾಲಕನಿಗೆ ತೂಕಡಿಕೆ
ಕಾರನ್ನು ಚಾಲನೆ ಮಾಡುತ್ತಿದ್ದ ವೇಳೆ ಚಾಲಕನಿಗೆ ತೂಕಡಿಕೆ ಬಂದಿರುವ ಸಾಧ್ಯತೆಯಿದ್ದು, ಇದರಿಂದ ನಿಯಂತ್ರಣ ತಪ್ಪಿ ಅಪಘಾತ ಸಂಭವಿಸಿರಬಹುದು ಎಂದು ಪೊಲೀಸರು ಪ್ರಾಥಮಿಕವಾಗಿ ಶಂಕಿಸಿದ್ದಾರೆ. ಘಟನೆಗೆ ನಿಖರ ಕಾರಣ ತನಿಖೆಯ ಬಳಿಕ ತಿಳಿಯಲಿದೆ.
Publisher and Owned by CHANDRAKANTA From Near Durgamma Temple Dyampur, Koppal District- 583232 Printed at VINAYA Printers,
VINAYA Publication Word No.01 Ballary Pootwer, Bhagynagar, Koppal- 583238, Editor : CHANDRAKANTA enammadhruthinews@gmail.com
